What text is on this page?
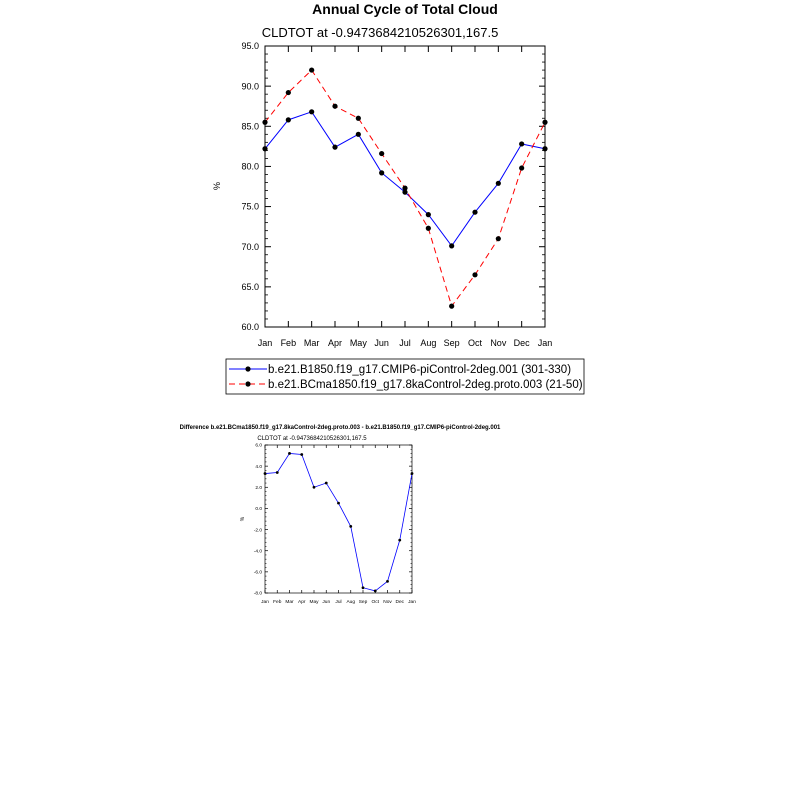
Annual Cycle of Total Cloud
CLDTOT at -0.9473684210526301,167.5
%
60.0
65.0
70.0
75.0
80.0
85.0
90.0
95.0
Jan Feb Mar Apr May Jun Jul Aug Sep Oct Nov Dec Jan
b.e21.B1850.f19_g17.CMIP6-piControl-2deg.001 (301-330)
b.e21.BCma1850.f19_g17.8kaControl-2deg.proto.003 (21-50)
Difference b.e21.BCma1850.f19_g17.8kaControl-2deg.proto.003 - b.e21.B1850.f19_g17.CMIP6-piControl-2deg.001
CLDTOT at -0.9473684210526301,167.5
%
-8.0
-6.0
-4.0
-2.0
0.0
2.0
4.0
6.0
Jan Feb Mar Apr May Jun Jul Aug Sep Oct Nov Dec Jan
